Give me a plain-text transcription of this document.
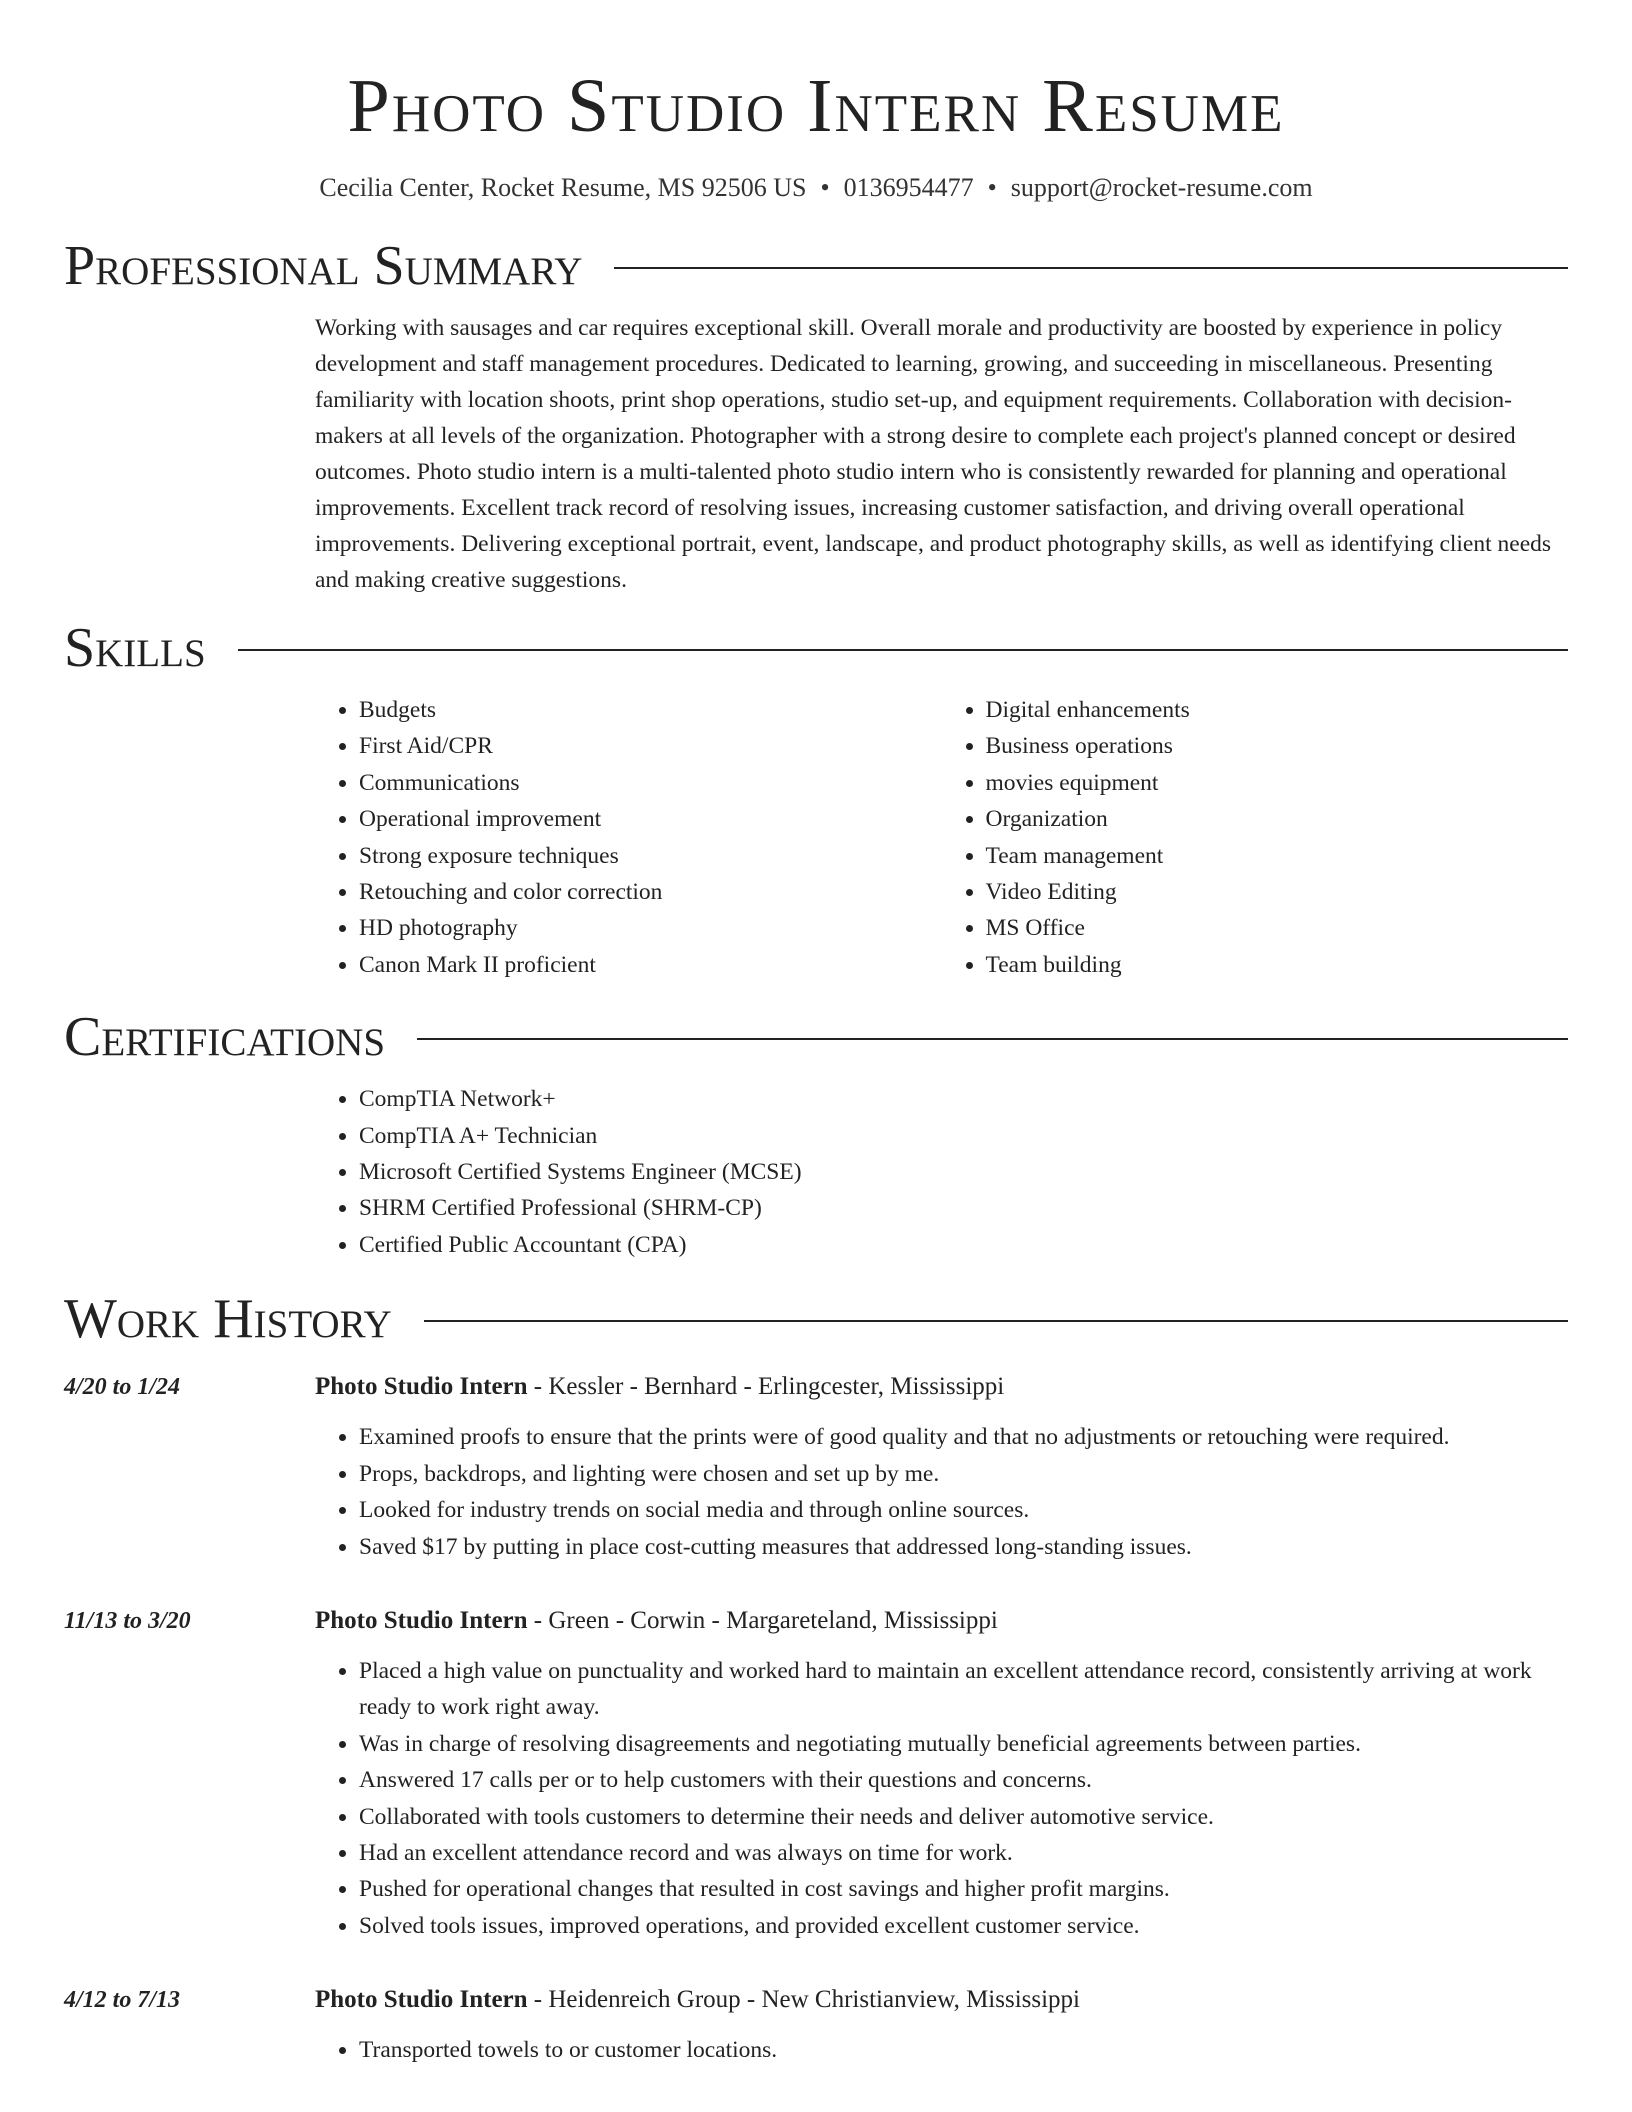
Photo Studio Intern Resume
Cecilia Center, Rocket Resume, MS 92506 US • 0136954477 • support@rocket-resume.com
Professional Summary
Working with sausages and car requires exceptional skill. Overall morale and productivity are boosted by experience in policy development and staff management procedures. Dedicated to learning, growing, and succeeding in miscellaneous. Presenting familiarity with location shoots, print shop operations, studio set-up, and equipment requirements. Collaboration with decision-makers at all levels of the organization. Photographer with a strong desire to complete each project's planned concept or desired outcomes. Photo studio intern is a multi-talented photo studio intern who is consistently rewarded for planning and operational improvements. Excellent track record of resolving issues, increasing customer satisfaction, and driving overall operational improvements. Delivering exceptional portrait, event, landscape, and product photography skills, as well as identifying client needs and making creative suggestions.
Skills
• Budgets
• First Aid/CPR
• Communications
• Operational improvement
• Strong exposure techniques
• Retouching and color correction
• HD photography
• Canon Mark II proficient
• Digital enhancements
• Business operations
• movies equipment
• Organization
• Team management
• Video Editing
• MS Office
• Team building
Certifications
• CompTIA Network+
• CompTIA A+ Technician
• Microsoft Certified Systems Engineer (MCSE)
• SHRM Certified Professional (SHRM-CP)
• Certified Public Accountant (CPA)
Work History
4/20 to 1/24	Photo Studio Intern - Kessler - Bernhard - Erlingcester, Mississippi
• Examined proofs to ensure that the prints were of good quality and that no adjustments or retouching were required.
• Props, backdrops, and lighting were chosen and set up by me.
• Looked for industry trends on social media and through online sources.
• Saved $17 by putting in place cost-cutting measures that addressed long-standing issues.
11/13 to 3/20	Photo Studio Intern - Green - Corwin - Margareteland, Mississippi
• Placed a high value on punctuality and worked hard to maintain an excellent attendance record, consistently arriving at work ready to work right away.
• Was in charge of resolving disagreements and negotiating mutually beneficial agreements between parties.
• Answered 17 calls per or to help customers with their questions and concerns.
• Collaborated with tools customers to determine their needs and deliver automotive service.
• Had an excellent attendance record and was always on time for work.
• Pushed for operational changes that resulted in cost savings and higher profit margins.
• Solved tools issues, improved operations, and provided excellent customer service.
4/12 to 7/13	Photo Studio Intern - Heidenreich Group - New Christianview, Mississippi
• Transported towels to or customer locations.
